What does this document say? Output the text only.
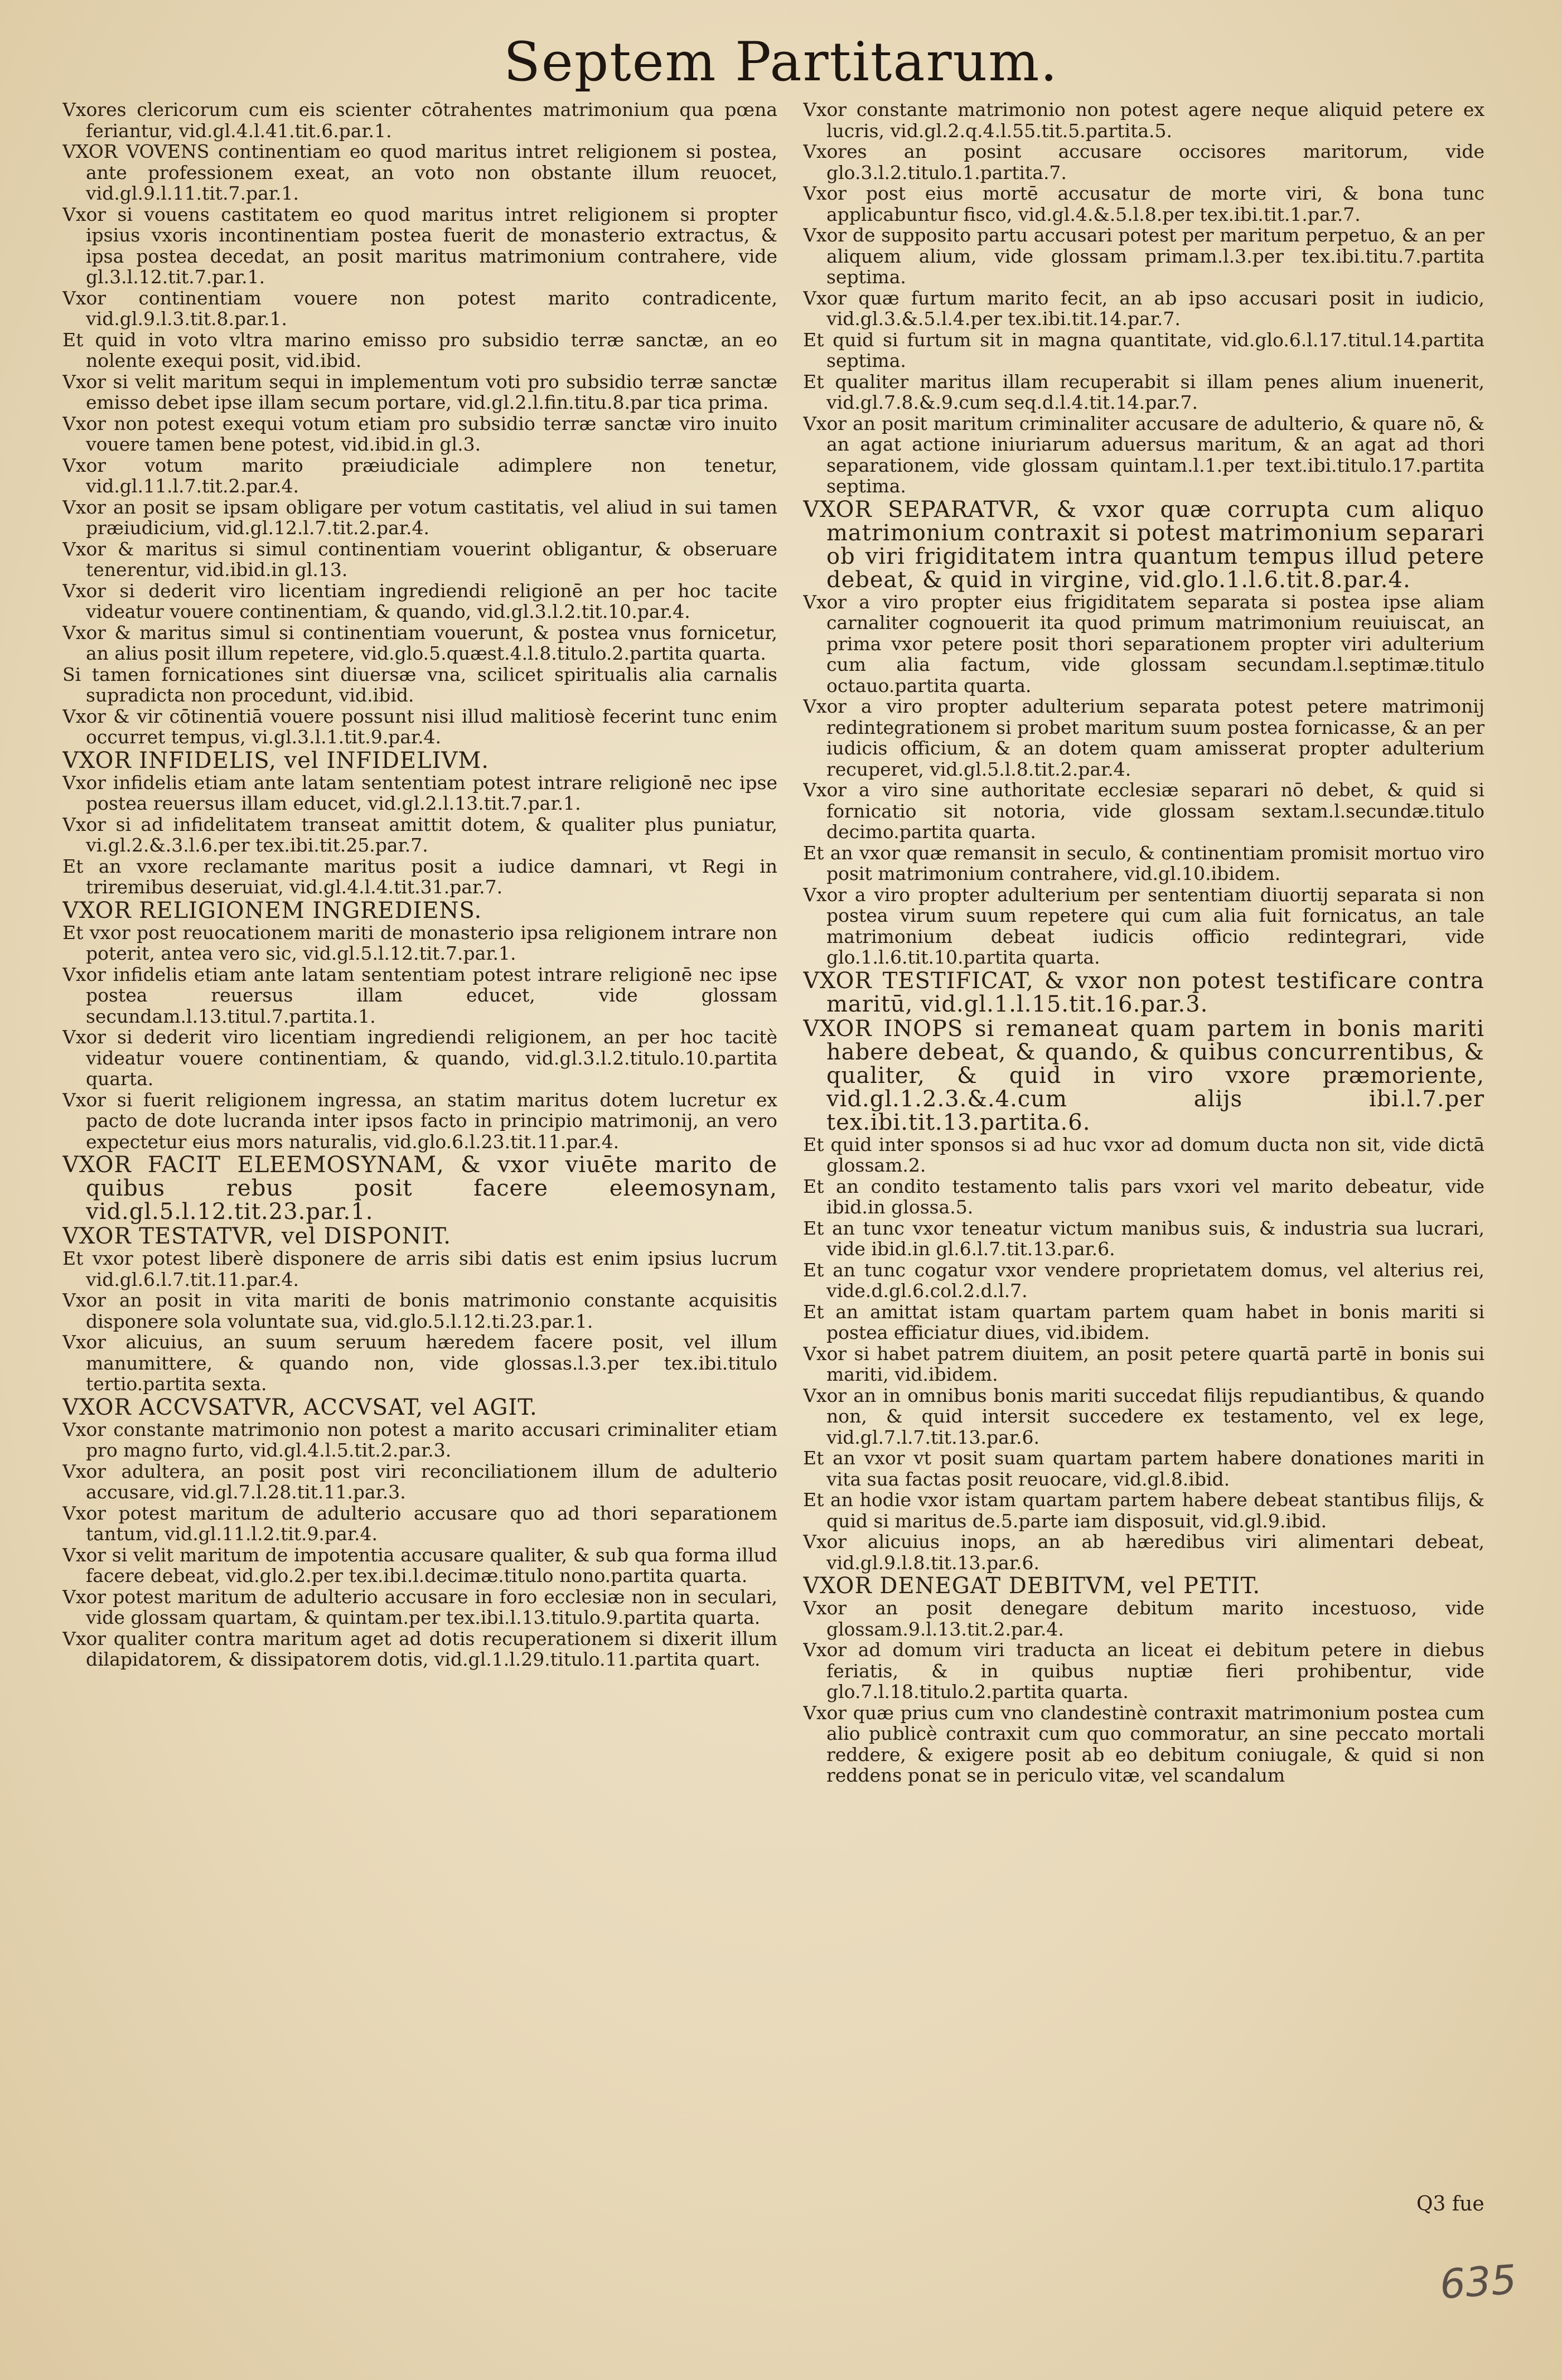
Septem Partitarum.

Vxores clericorum cum eis scienter cōtrahentes matrimonium qua pœna feriantur, vid.gl.4.l.41.tit.6.par.1.

VXOR VOVENS continentiam eo quod maritus intret religionem si postea, ante professionem exeat, an voto non obstante illum reuocet, vid.gl.9.l.11.tit.7.par.1.

Vxor si vouens castitatem eo quod maritus intret religionem si propter ipsius vxoris incontinentiam postea fuerit de monasterio extractus, & ipsa postea decedat, an posit maritus matrimonium contrahere, vide gl.3.l.12.tit.7.par.1.

Vxor continentiam vouere non potest marito contradicente, vid.gl.9.l.3.tit.8.par.1.

Et quid in voto vltra marino emisso pro subsidio terræ sanctæ, an eo nolente exequi posit, vid.ibid.

Vxor si velit maritum sequi in implementum voti pro subsidio terræ sanctæ emisso debet ipse illam secum portare, vid.gl.2.l.fin.titu.8.par tica prima.

Vxor non potest exequi votum etiam pro subsidio terræ sanctæ viro inuito vouere tamen bene potest, vid.ibid.in gl.3.

Vxor votum marito præiudiciale adimplere non tenetur, vid.gl.11.l.7.tit.2.par.4.

Vxor an posit se ipsam obligare per votum castitatis, vel aliud in sui tamen præiudicium, vid.gl.12.l.7.tit.2.par.4.

Vxor & maritus si simul continentiam vouerint obligantur, & obseruare tenerentur, vid.ibid.in gl.13.

Vxor si dederit viro licentiam ingrediendi religionē an per hoc tacite videatur vouere continentiam, & quando, vid.gl.3.l.2.tit.10.par.4.

Vxor & maritus simul si continentiam vouerunt, & postea vnus fornicetur, an alius posit illum repetere, vid.glo.5.quæst.4.l.8.titulo.2.partita quarta.

Si tamen fornicationes sint diuersæ vna, scilicet spiritualis alia carnalis supradicta non procedunt, vid.ibid.

Vxor & vir cōtinentiā vouere possunt nisi illud malitiosè fecerint tunc enim occurret tempus, vi.gl.3.l.1.tit.9.par.4.

VXOR INFIDELIS, vel INFIDELIVM.

Vxor infidelis etiam ante latam sententiam potest intrare religionē nec ipse postea reuersus illam educet, vid.gl.2.l.13.tit.7.par.1.

Vxor si ad infidelitatem transeat amittit dotem, & qualiter plus puniatur, vi.gl.2.&.3.l.6.per tex.ibi.tit.25.par.7.

Et an vxore reclamante maritus posit a iudice damnari, vt Regi in triremibus deseruiat, vid.gl.4.l.4.tit.31.par.7.

VXOR RELIGIONEM INGREDIENS.

Et vxor post reuocationem mariti de monasterio ipsa religionem intrare non poterit, antea vero sic, vid.gl.5.l.12.tit.7.par.1.

Vxor infidelis etiam ante latam sententiam potest intrare religionē nec ipse postea reuersus illam educet, vide glossam secundam.l.13.titul.7.partita.1.

Vxor si dederit viro licentiam ingrediendi religionem, an per hoc tacitè videatur vouere continentiam, & quando, vid.gl.3.l.2.titulo.10.partita quarta.

Vxor si fuerit religionem ingressa, an statim maritus dotem lucretur ex pacto de dote lucranda inter ipsos facto in principio matrimonij, an vero expectetur eius mors naturalis, vid.glo.6.l.23.tit.11.par.4.

VXOR FACIT ELEEMOSYNAM, & vxor viuēte marito de quibus rebus posit facere eleemosynam, vid.gl.5.l.12.tit.23.par.1.

VXOR TESTATVR, vel DISPONIT.

Et vxor potest liberè disponere de arris sibi datis est enim ipsius lucrum vid.gl.6.l.7.tit.11.par.4.

Vxor an posit in vita mariti de bonis matrimonio constante acquisitis disponere sola voluntate sua, vid.glo.5.l.12.ti.23.par.1.

Vxor alicuius, an suum seruum hæredem facere posit, vel illum manumittere, & quando non, vide glossas.l.3.per tex.ibi.titulo tertio.partita sexta.

VXOR ACCVSATVR, ACCVSAT, vel AGIT.

Vxor constante matrimonio non potest a marito accusari criminaliter etiam pro magno furto, vid.gl.4.l.5.tit.2.par.3.

Vxor adultera, an posit post viri reconciliationem illum de adulterio accusare, vid.gl.7.l.28.tit.11.par.3.

Vxor potest maritum de adulterio accusare quo ad thori separationem tantum, vid.gl.11.l.2.tit.9.par.4.

Vxor si velit maritum de impotentia accusare qualiter, & sub qua forma illud facere debeat, vid.glo.2.per tex.ibi.l.decimæ.titulo nono.partita quarta.

Vxor potest maritum de adulterio accusare in foro ecclesiæ non in seculari, vide glossam quartam, & quintam.per tex.ibi.l.13.titulo.9.partita quarta.

Vxor qualiter contra maritum aget ad dotis recuperationem si dixerit illum dilapidatorem, & dissipatorem dotis, vid.gl.1.l.29.titulo.11.partita quart.

Vxor constante matrimonio non potest agere neque aliquid petere ex lucris, vid.gl.2.q.4.l.55.tit.5.partita.5.

Vxores an posint accusare occisores maritorum, vide glo.3.l.2.titulo.1.partita.7.

Vxor post eius mortē accusatur de morte viri, & bona tunc applicabuntur fisco, vid.gl.4.&.5.l.8.per tex.ibi.tit.1.par.7.

Vxor de supposito partu accusari potest per maritum perpetuo, & an per aliquem alium, vide glossam primam.l.3.per tex.ibi.titu.7.partita septima.

Vxor quæ furtum marito fecit, an ab ipso accusari posit in iudicio, vid.gl.3.&.5.l.4.per tex.ibi.tit.14.par.7.

Et quid si furtum sit in magna quantitate, vid.glo.6.l.17.titul.14.partita septima.

Et qualiter maritus illam recuperabit si illam penes alium inuenerit, vid.gl.7.8.&.9.cum seq.d.l.4.tit.14.par.7.

Vxor an posit maritum criminaliter accusare de adulterio, & quare nō, & an agat actione iniuriarum aduersus maritum, & an agat ad thori separationem, vide glossam quintam.l.1.per text.ibi.titulo.17.partita septima.

VXOR SEPARATVR, & vxor quæ corrupta cum aliquo matrimonium contraxit si potest matrimonium separari ob viri frigiditatem intra quantum tempus illud petere debeat, & quid in virgine, vid.glo.1.l.6.tit.8.par.4.

Vxor a viro propter eius frigiditatem separata si postea ipse aliam carnaliter cognouerit ita quod primum matrimonium reuiuiscat, an prima vxor petere posit thori separationem propter viri adulterium cum alia factum, vide glossam secundam.l.septimæ.titulo octauo.partita quarta.

Vxor a viro propter adulterium separata potest petere matrimonij redintegrationem si probet maritum suum postea fornicasse, & an per iudicis officium, & an dotem quam amisserat propter adulterium recuperet, vid.gl.5.l.8.tit.2.par.4.

Vxor a viro sine authoritate ecclesiæ separari nō debet, & quid si fornicatio sit notoria, vide glossam sextam.l.secundæ.titulo decimo.partita quarta.

Et an vxor quæ remansit in seculo, & continentiam promisit mortuo viro posit matrimonium contrahere, vid.gl.10.ibidem.

Vxor a viro propter adulterium per sententiam diuortij separata si non postea virum suum repetere qui cum alia fuit fornicatus, an tale matrimonium debeat iudicis officio redintegrari, vide glo.1.l.6.tit.10.partita quarta.

VXOR TESTIFICAT, & vxor non potest testificare contra maritū, vid.gl.1.l.15.tit.16.par.3.

VXOR INOPS si remaneat quam partem in bonis mariti habere debeat, & quando, & quibus concurrentibus, & qualiter, & quid in viro vxore præmoriente, vid.gl.1.2.3.&.4.cum alijs ibi.l.7.per tex.ibi.tit.13.partita.6.

Et quid inter sponsos si ad huc vxor ad domum ducta non sit, vide dictā glossam.2.

Et an condito testamento talis pars vxori vel marito debeatur, vide ibid.in glossa.5.

Et an tunc vxor teneatur victum manibus suis, & industria sua lucrari, vide ibid.in gl.6.l.7.tit.13.par.6.

Et an tunc cogatur vxor vendere proprietatem domus, vel alterius rei, vide.d.gl.6.col.2.d.l.7.

Et an amittat istam quartam partem quam habet in bonis mariti si postea efficiatur diues, vid.ibidem.

Vxor si habet patrem diuitem, an posit petere quartā partē in bonis sui mariti, vid.ibidem.

Vxor an in omnibus bonis mariti succedat filijs repudiantibus, & quando non, & quid intersit succedere ex testamento, vel ex lege, vid.gl.7.l.7.tit.13.par.6.

Et an vxor vt posit suam quartam partem habere donationes mariti in vita sua factas posit reuocare, vid.gl.8.ibid.

Et an hodie vxor istam quartam partem habere debeat stantibus filijs, & quid si maritus de.5.parte iam disposuit, vid.gl.9.ibid.

Vxor alicuius inops, an ab hæredibus viri alimentari debeat, vid.gl.9.l.8.tit.13.par.6.

VXOR DENEGAT DEBITVM, vel PETIT.

Vxor an posit denegare debitum marito incestuoso, vide glossam.9.l.13.tit.2.par.4.

Vxor ad domum viri traducta an liceat ei debitum petere in diebus feriatis, & in quibus nuptiæ fieri prohibentur, vide glo.7.l.18.titulo.2.partita quarta.

Vxor quæ prius cum vno clandestinè contraxit matrimonium postea cum alio publicè contraxit cum quo commoratur, an sine peccato mortali reddere, & exigere posit ab eo debitum coniugale, & quid si non reddens ponat se in periculo vitæ, vel scandalum

Q3 fue
635
